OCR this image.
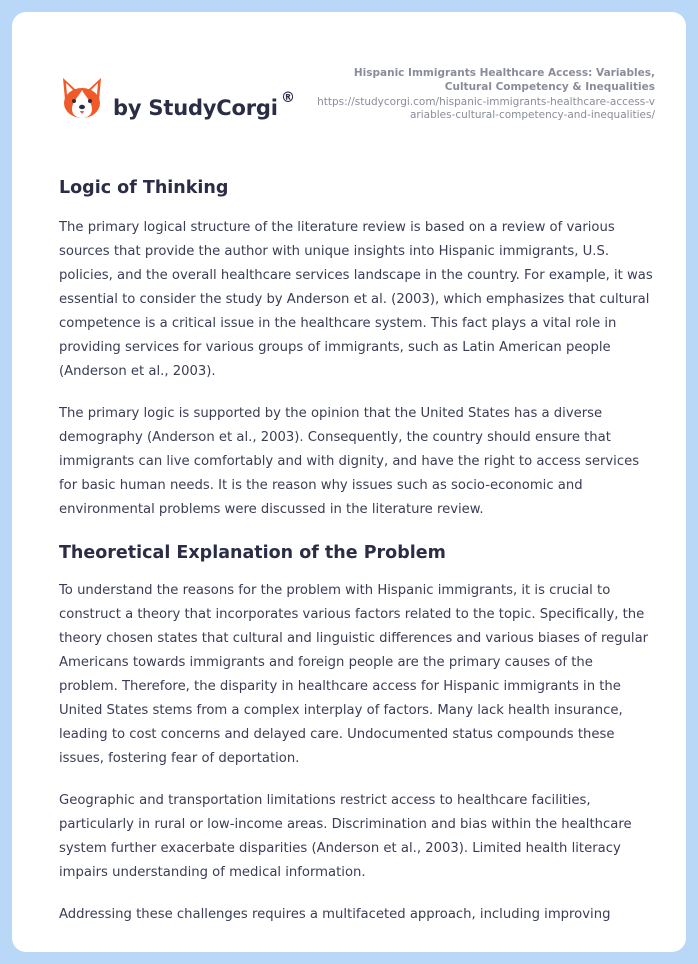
by StudyCorgi ®
Hispanic Immigrants Healthcare Access: Variables, Cultural Competency & Inequalities
https://studycorgi.com/hispanic-immigrants-healthcare-access-variables-cultural-competency-and-inequalities/
Logic of Thinking

The primary logical structure of the literature review is based on a review of various sources that provide the author with unique insights into Hispanic immigrants, U.S. policies, and the overall healthcare services landscape in the country. For example, it was essential to consider the study by Anderson et al. (2003), which emphasizes that cultural competence is a critical issue in the healthcare system. This fact plays a vital role in providing services for various groups of immigrants, such as Latin American people (Anderson et al., 2003).

The primary logic is supported by the opinion that the United States has a diverse demography (Anderson et al., 2003). Consequently, the country should ensure that immigrants can live comfortably and with dignity, and have the right to access services for basic human needs. It is the reason why issues such as socio-economic and environmental problems were discussed in the literature review.

Theoretical Explanation of the Problem

To understand the reasons for the problem with Hispanic immigrants, it is crucial to construct a theory that incorporates various factors related to the topic. Specifically, the theory chosen states that cultural and linguistic differences and various biases of regular Americans towards immigrants and foreign people are the primary causes of the problem. Therefore, the disparity in healthcare access for Hispanic immigrants in the United States stems from a complex interplay of factors. Many lack health insurance, leading to cost concerns and delayed care. Undocumented status compounds these issues, fostering fear of deportation.

Geographic and transportation limitations restrict access to healthcare facilities, particularly in rural or low-income areas. Discrimination and bias within the healthcare system further exacerbate disparities (Anderson et al., 2003). Limited health literacy impairs understanding of medical information.

Addressing these challenges requires a multifaceted approach, including improving
